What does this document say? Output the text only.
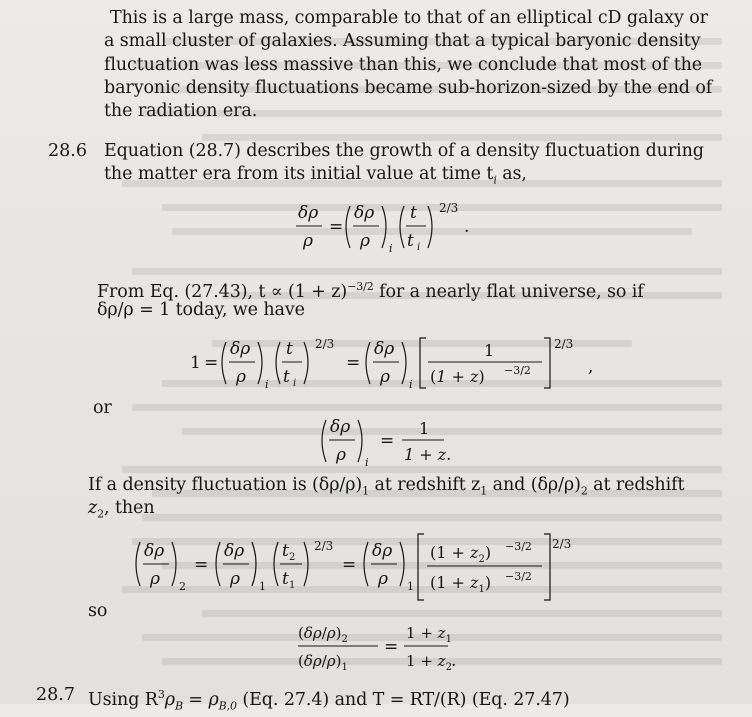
This is a large mass, comparable to that of an elliptical cD galaxy or
a small cluster of galaxies. Assuming that a typical baryonic density
fluctuation was less massive than this, we conclude that most of the
baryonic density fluctuations became sub-horizon-sized by the end of
the radiation era.
28.6 Equation (28.7) describes the growth of a density fluctuation during
the matter era from its initial value at time $t_i$ as,
δρ
ρ
=
δρ
ρ i
t
t i
2/3
.
From Eq. (27.43), $t \propto (1 + z)^{-3/2}$ for a nearly flat universe, so if
δρ/ρ = 1 today, we have
1 =
δρ
ρ i
t
t i
2/3
=
δρ
ρ i
1
(1 + z) −3/2
2/3
,
or
δρ
ρ i
=
1
1 + z .
If a density fluctuation is $(\delta\rho/\rho)_1$ at redshift $z_1$ and $(\delta\rho/\rho)_2$ at redshift
$z_2$, then
δρ
ρ 2
=
δρ
ρ 1
t 2
t 1
2/3
=
δρ
ρ 1
$(1 + z_2) -3/2$
$(1 + z_1) -3/2$
2/3
so
$(\delta\rho/\rho)_2$
$(\delta\rho/\rho)_1$
=
$1 + z_1$
$1 + z_2$ .
28.7 Using $R^3\rho_B = \rho_{B,0}$ (Eq. 27.4) and T = RT/(R) (Eq. 27.47)
